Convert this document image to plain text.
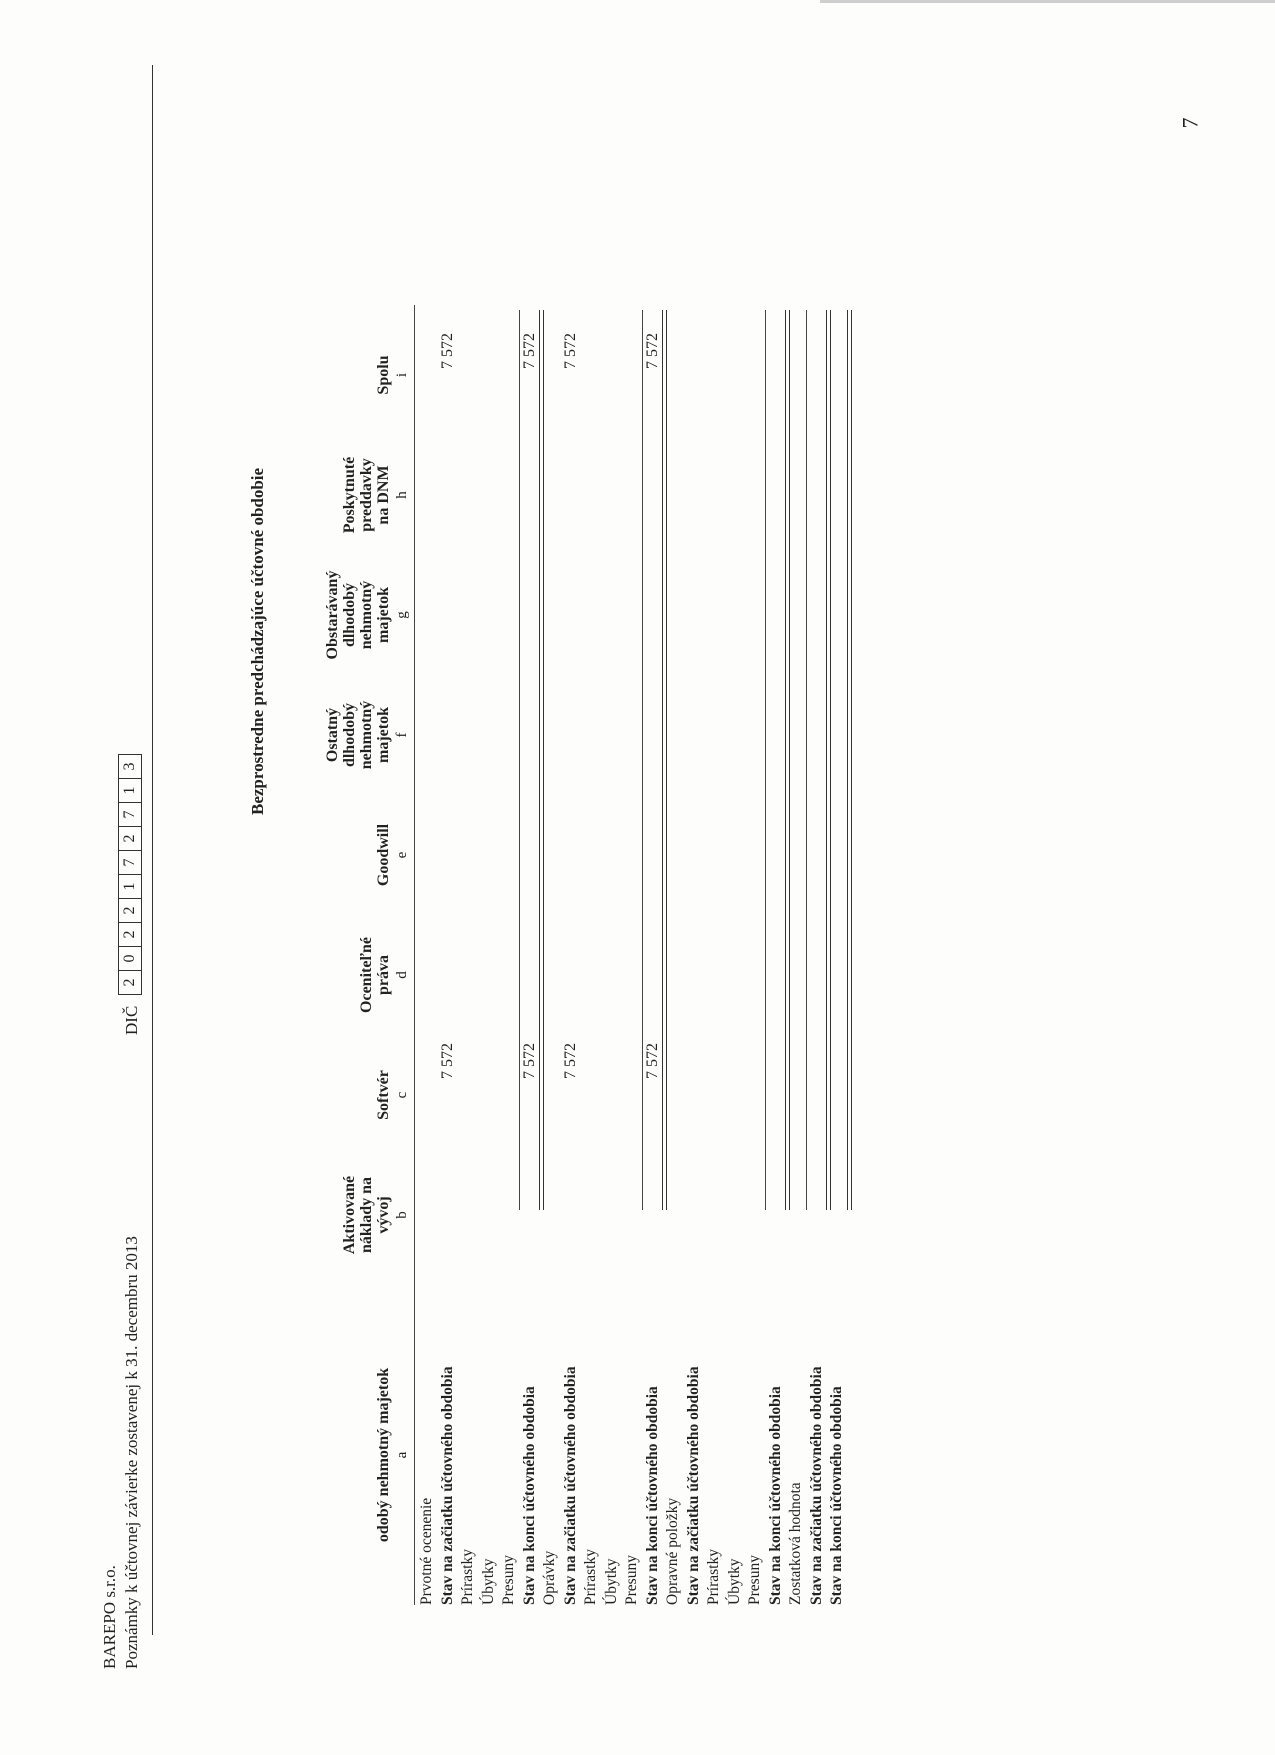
7
BAREPO s.r.o. Poznámky k účtovnej závierke zostavenej k 31. decembru 2013
DIČ
2
0
2
2
1
7
2
7
1
3	Bezprostredne predchádzajúce účtovné obdobie
odobý nehmotný majetok a
Aktivované náklady na vývoj b
Softvér c
Oceniteľné práva d
Goodwill e
Ostatný dlhodobý nehmotný majetok f
Obstarávaný dlhodobý nehmotný majetok g
Poskytnuté preddavky na DNM h
Spolu i
Prvotné ocenenie Stav na začiatku účtovného obdobia
7 572
7 572
Prírastky Úbytky Presuny Stav na konci účtovného obdobia
7 572
7 572
Oprávky Stav na začiatku účtovného obdobia
7 572
7 572
Prírastky Úbytky Presuny Stav na konci účtovného obdobia
7 572
7 572
Opravné položky Stav na začiatku účtovného obdobia Prírastky Úbytky Presuny Stav na konci účtovného obdobia Zostatková hodnota Stav na začiatku účtovného obdobia Stav na konci účtovného obdobia
